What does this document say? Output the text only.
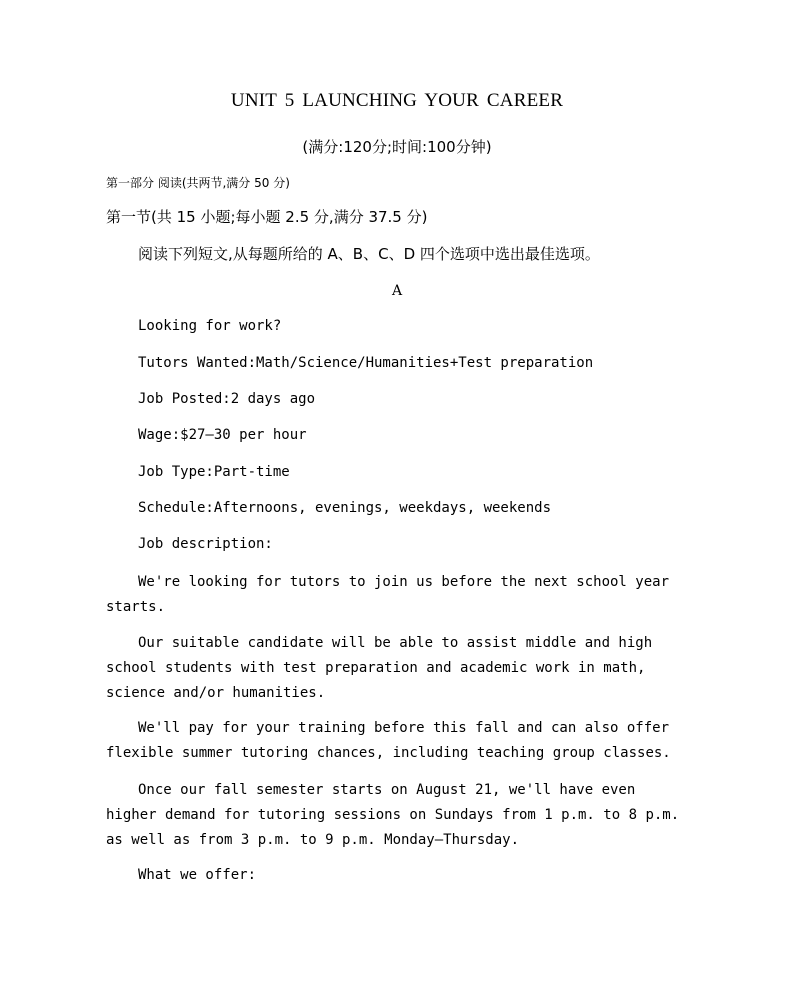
UNIT 5 LAUNCHING YOUR CAREER
(满分:120分;时间:100分钟)
第一部分 阅读(共两节,满分 50 分)
第一节(共 15 小题;每小题 2.5 分,满分 37.5 分)
阅读下列短文,从每题所给的 A、B、C、D 四个选项中选出最佳选项。
A
Looking for work?
Tutors Wanted:Math/Science/Humanities+Test preparation
Job Posted:2 days ago
Wage:$27—30 per hour
Job Type:Part-time
Schedule:Afternoons, evenings, weekdays, weekends
Job description:

We're looking for tutors to join us before the next school year starts.

Our suitable candidate will be able to assist middle and high school students with test preparation and academic work in math, science and/or humanities.

We'll pay for your training before this fall and can also offer flexible summer tutoring chances, including teaching group classes.

Once our fall semester starts on August 21, we'll have even higher demand for tutoring sessions on Sundays from 1 p.m. to 8 p.m. as well as from 3 p.m. to 9 p.m. Monday—Thursday.

What we offer:
